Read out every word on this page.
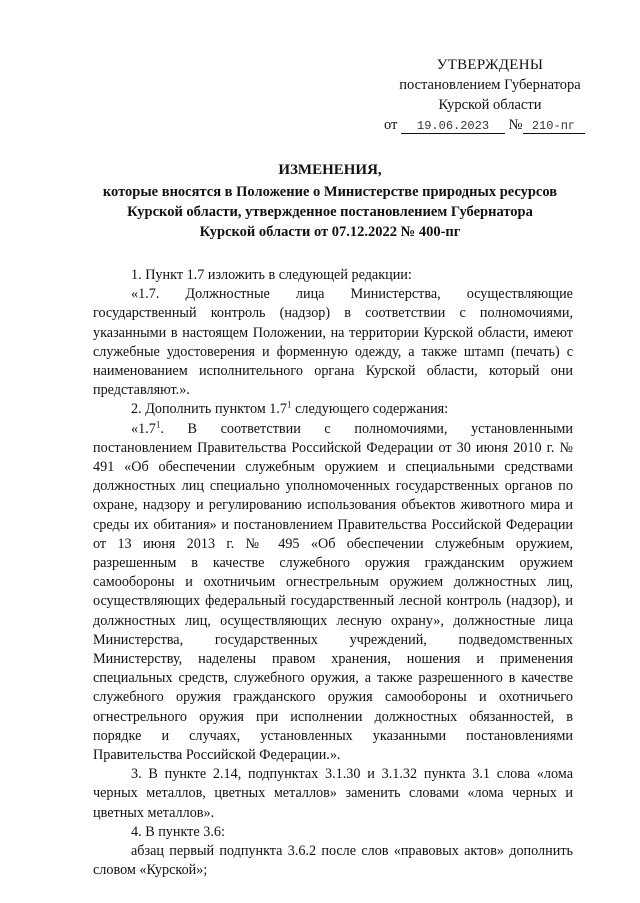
УТВЕРЖДЕНЫ
постановлением Губернатора
Курской области
от 19.06.2023 № 210-пг
ИЗМЕНЕНИЯ,
которые вносятся в Положение о Министерстве природных ресурсов
Курской области, утвержденное постановлением Губернатора
Курской области от 07.12.2022 № 400-пг

1. Пункт 1.7 изложить в следующей редакции:

«1.7. Должностные лица Министерства, осуществляющие государственный контроль (надзор) в соответствии с полномочиями, указанными в настоящем Положении, на территории Курской области, имеют служебные удостоверения и форменную одежду, а также штамп (печать) с наименованием исполнительного органа Курской области, который они представляют.».

2. Дополнить пунктом $1.7^1$ следующего содержания:

«$1.7^1$. В соответствии с полномочиями, установленными постановлением Правительства Российской Федерации от 30 июня 2010 г. № 491 «Об обеспечении служебным оружием и специальными средствами должностных лиц специально уполномоченных государственных органов по охране, надзору и регулированию использования объектов животного мира и среды их обитания» и постановлением Правительства Российской Федерации от 13 июня 2013 г. № 495 «Об обеспечении служебным оружием, разрешенным в качестве служебного оружия гражданским оружием самообороны и охотничьим огнестрельным оружием должностных лиц, осуществляющих федеральный государственный лесной контроль (надзор), и должностных лиц, осуществляющих лесную охрану», должностные лица Министерства, государственных учреждений, подведомственных Министерству, наделены правом хранения, ношения и применения специальных средств, служебного оружия, а также разрешенного в качестве служебного оружия гражданского оружия самообороны и охотничьего огнестрельного оружия при исполнении должностных обязанностей, в порядке и случаях, установленных указанными постановлениями Правительства Российской Федерации.».

3. В пункте 2.14, подпунктах 3.1.30 и 3.1.32 пункта 3.1 слова «лома черных металлов, цветных металлов» заменить словами «лома черных и цветных металлов».

4. В пункте 3.6:

абзац первый подпункта 3.6.2 после слов «правовых актов» дополнить словом «Курской»;
